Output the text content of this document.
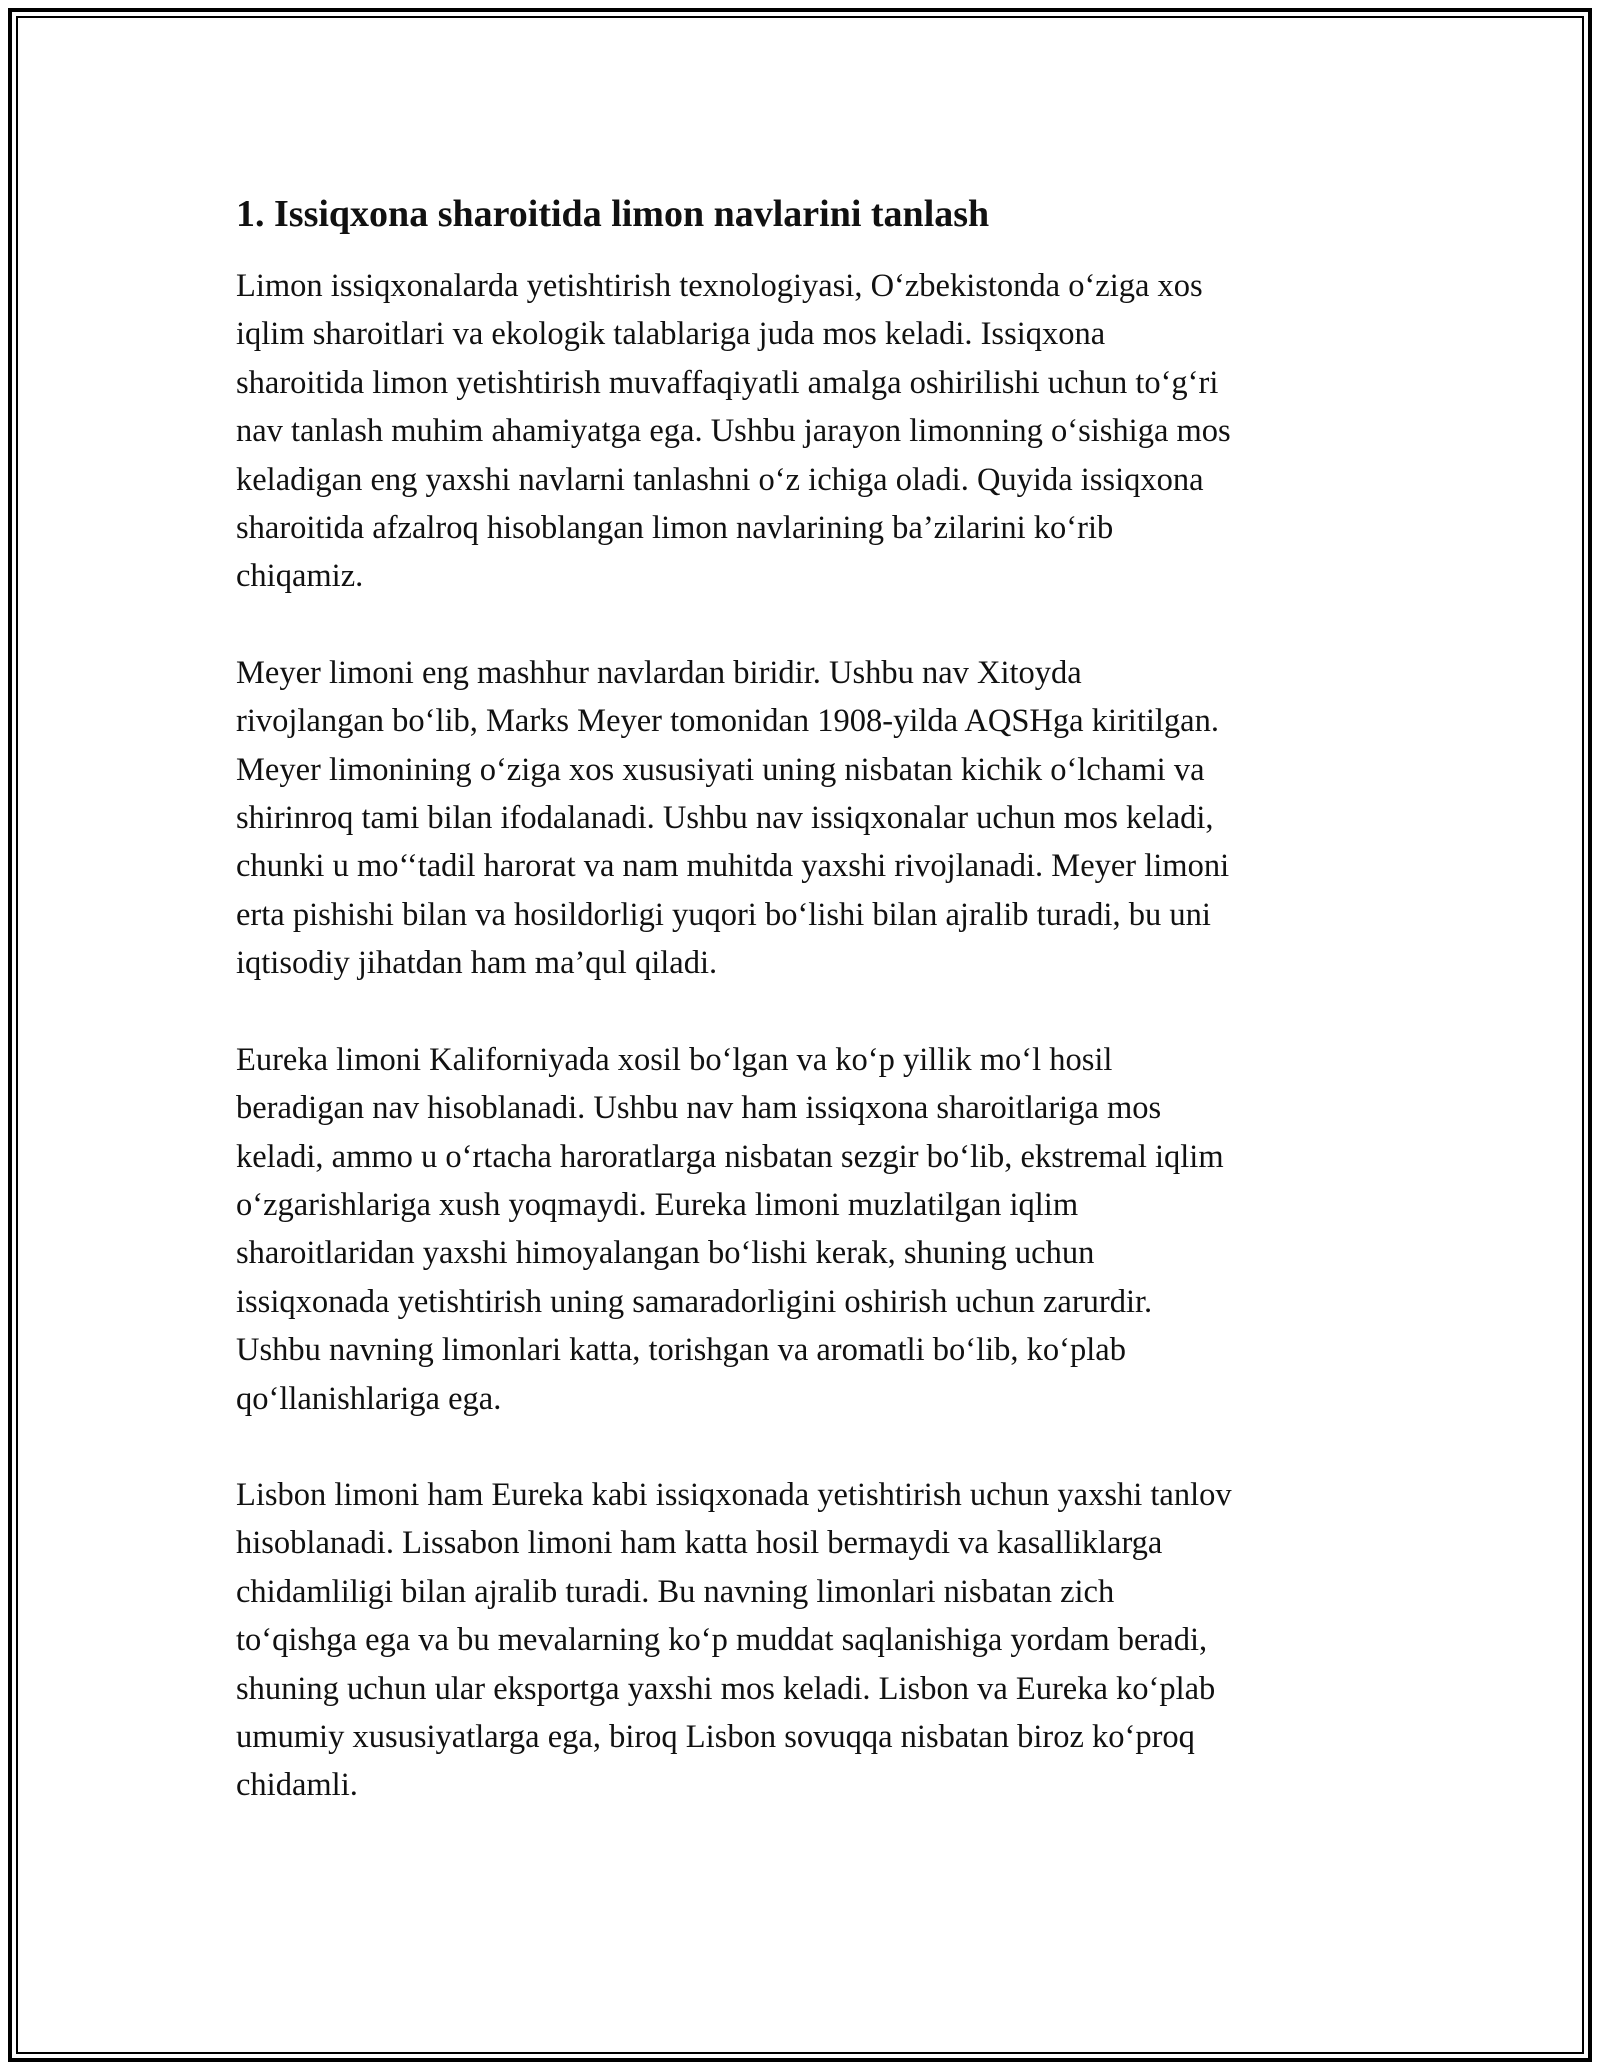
1. Issiqxona sharoitida limon navlarini tanlash

Limon issiqxonalarda yetishtirish texnologiyasi, O‘zbekistonda o‘ziga xos
iqlim sharoitlari va ekologik talablariga juda mos keladi. Issiqxona
sharoitida limon yetishtirish muvaffaqiyatli amalga oshirilishi uchun to‘g‘ri
nav tanlash muhim ahamiyatga ega. Ushbu jarayon limonning o‘sishiga mos
keladigan eng yaxshi navlarni tanlashni o‘z ichiga oladi. Quyida issiqxona
sharoitida afzalroq hisoblangan limon navlarining ba’zilarini ko‘rib
chiqamiz.

Meyer limoni eng mashhur navlardan biridir. Ushbu nav Xitoyda
rivojlangan bo‘lib, Marks Meyer tomonidan 1908-yilda AQSHga kiritilgan.
Meyer limonining o‘ziga xos xususiyati uning nisbatan kichik o‘lchami va
shirinroq tami bilan ifodalanadi. Ushbu nav issiqxonalar uchun mos keladi,
chunki u mo‘‘tadil harorat va nam muhitda yaxshi rivojlanadi. Meyer limoni
erta pishishi bilan va hosildorligi yuqori bo‘lishi bilan ajralib turadi, bu uni
iqtisodiy jihatdan ham ma’qul qiladi.

Eureka limoni Kaliforniyada xosil bo‘lgan va ko‘p yillik mo‘l hosil
beradigan nav hisoblanadi. Ushbu nav ham issiqxona sharoitlariga mos
keladi, ammo u o‘rtacha haroratlarga nisbatan sezgir bo‘lib, ekstremal iqlim
o‘zgarishlariga xush yoqmaydi. Eureka limoni muzlatilgan iqlim
sharoitlaridan yaxshi himoyalangan bo‘lishi kerak, shuning uchun
issiqxonada yetishtirish uning samaradorligini oshirish uchun zarurdir.
Ushbu navning limonlari katta, torishgan va aromatli bo‘lib, ko‘plab
qo‘llanishlariga ega.

Lisbon limoni ham Eureka kabi issiqxonada yetishtirish uchun yaxshi tanlov
hisoblanadi. Lissabon limoni ham katta hosil bermaydi va kasalliklarga
chidamliligi bilan ajralib turadi. Bu navning limonlari nisbatan zich
to‘qishga ega va bu mevalarning ko‘p muddat saqlanishiga yordam beradi,
shuning uchun ular eksportga yaxshi mos keladi. Lisbon va Eureka ko‘plab
umumiy xususiyatlarga ega, biroq Lisbon sovuqqa nisbatan biroz ko‘proq
chidamli.
